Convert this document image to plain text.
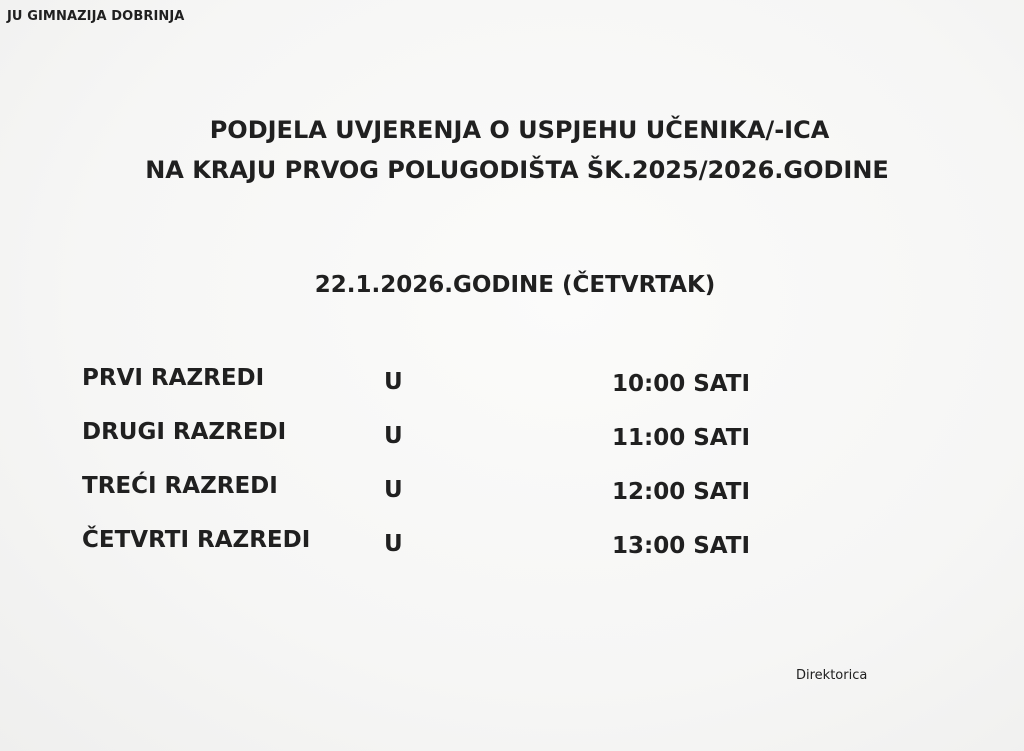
JU GIMNAZIJA DOBRINJA
PODJELA UVJERENJA O USPJEHU UČENIKA/-ICA
NA KRAJU PRVOG POLUGODIŠTA ŠK.2025/2026.GODINE
22.1.2026.GODINE (ČETVRTAK)
PRVI RAZREDI	U	10:00 SATI
DRUGI RAZREDI	U	11:00 SATI
TREĆI RAZREDI	U	12:00 SATI
ČETVRTI RAZREDI	U	13:00 SATI
Direktorica
